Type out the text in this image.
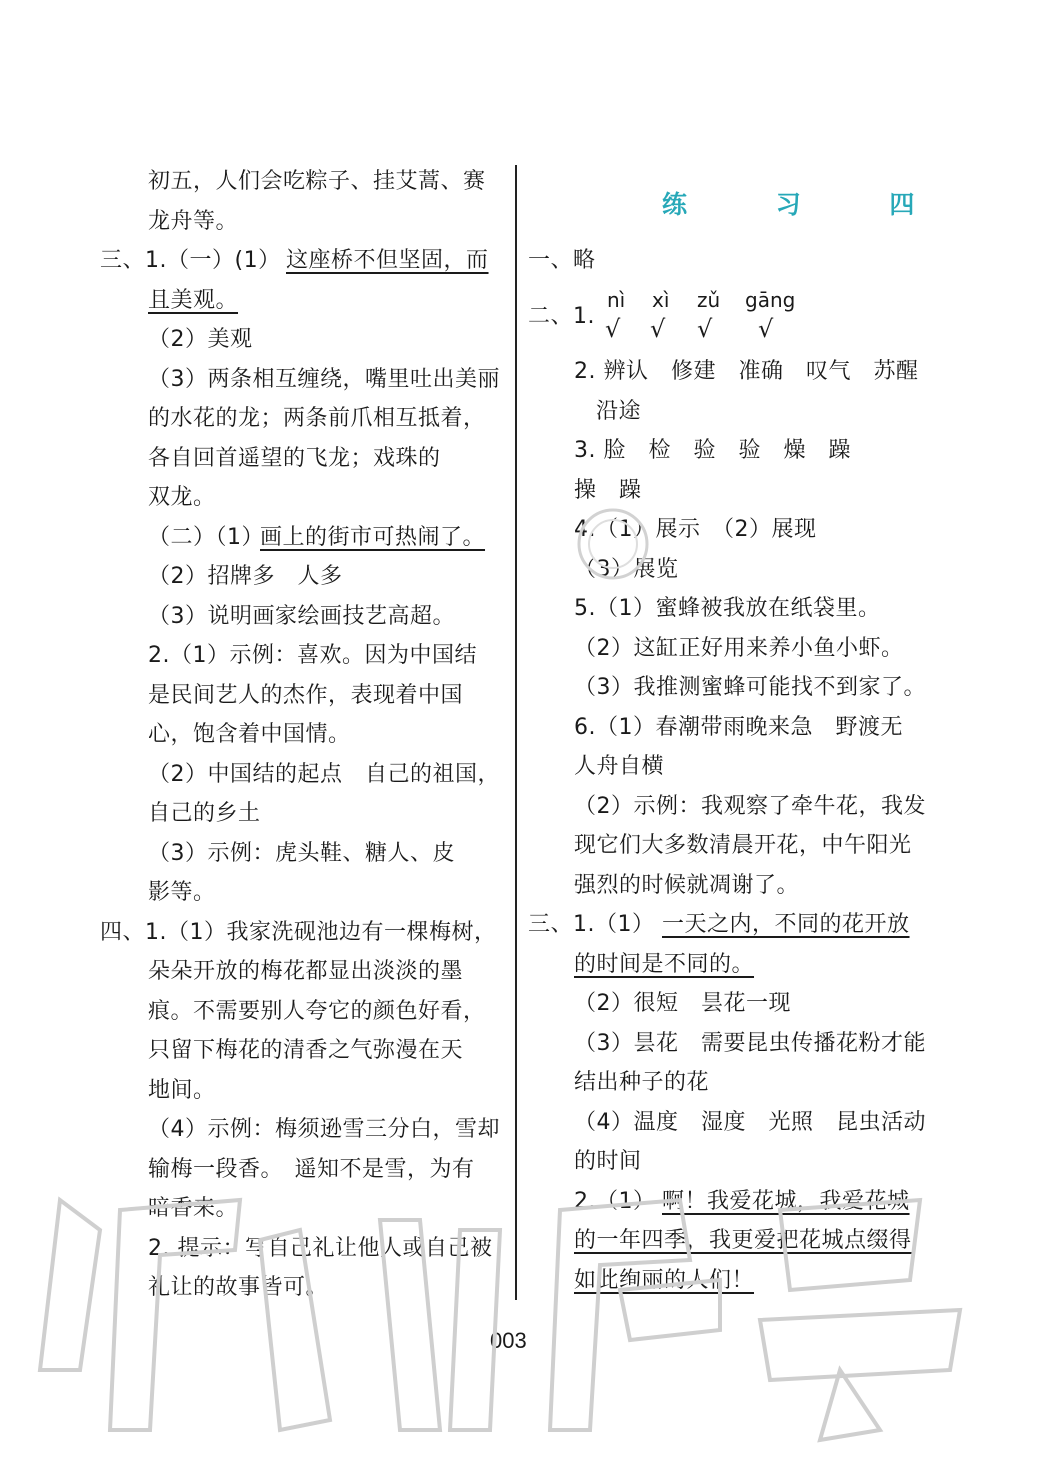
初五，人们会吃粽子、挂艾蒿、赛
龙舟等。
三、1.（一）(1） 这座桥不但坚固，而
且美观。
（2）美观
（3）两条相互缠绕，嘴里吐出美丽
的水花的龙；两条前爪相互抵着，
各自回首遥望的飞龙；戏珠的
双龙。
（二）（1）
画上的街市可热闹了。
（2）招牌多　人多
（3）说明画家绘画技艺高超。
2.（1）示例：喜欢。因为中国结
是民间艺人的杰作，表现着中国
心，饱含着中国情。
（2）中国结的起点　自己的祖国，
自己的乡土
（3）示例：虎头鞋、糖人、皮
影等。
四、1.（1）我家洗砚池边有一棵梅树，
朵朵开放的梅花都显出淡淡的墨
痕。不需要别人夸它的颜色好看，
只留下梅花的清香之气弥漫在天
地间。
（4）示例：梅须逊雪三分白，雪却
输梅一段香。　遥知不是雪，为有
暗香来。
2. 提示：写自己礼让他人或自己被
礼让的故事皆可。
练 习 四
一、略
二、1.
nì xì zǔ gāng
√ √ √ √
2. 辨认　修建　准确　叹气　苏醒
沿途
3. 脸　检　验　验　燥　躁
操　躁
4.（1）展示　（2）展现
（3）展览
5.（1）蜜蜂被我放在纸袋里。
（2）这缸正好用来养小鱼小虾。
（3）我推测蜜蜂可能找不到家了。
6.（1）春潮带雨晚来急　野渡无
人舟自横
（2）示例：我观察了牵牛花，我发
现它们大多数清晨开花，中午阳光
强烈的时候就凋谢了。
三、1.（1） 一天之内，不同的花开放
的时间是不同的。
（2）很短　昙花一现
（3）昙花　需要昆虫传播花粉才能
结出种子的花
（4）温度　湿度　光照　昆虫活动
的时间
2.（1） 啊！我爱花城，我爱花城
的一年四季，我更爱把花城点缀得
如此绚丽的人们！
003
